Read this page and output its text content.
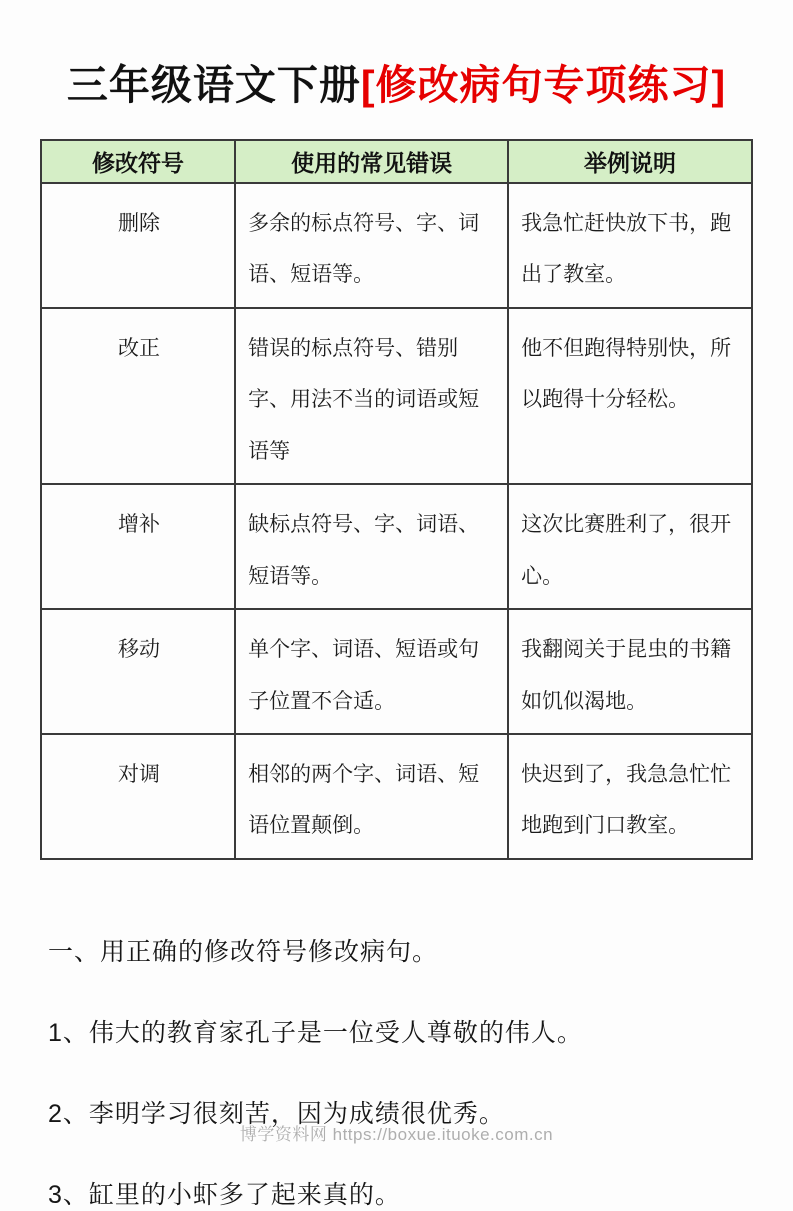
三年级语文下册[修改病句专项练习]
修改符号	使用的常见错误	举例说明
删除	多余的标点符号、字、词语、短语等。	我急忙赶快放下书，跑出了教室。
改正	错误的标点符号、错别字、用法不当的词语或短语等	他不但跑得特别快，所以跑得十分轻松。
增补	缺标点符号、字、词语、短语等。	这次比赛胜利了，很开心。
移动	单个字、词语、短语或句子位置不合适。	我翻阅关于昆虫的书籍如饥似渴地。
对调	相邻的两个字、词语、短语位置颠倒。	快迟到了，我急急忙忙地跑到门口教室。
一、用正确的修改符号修改病句。
1、伟大的教育家孔子是一位受人尊敬的伟人。
2、李明学习很刻苦，因为成绩很优秀。
3、缸里的小虾多了起来真的。
博学资料网 https://boxue.ituoke.com.cn
